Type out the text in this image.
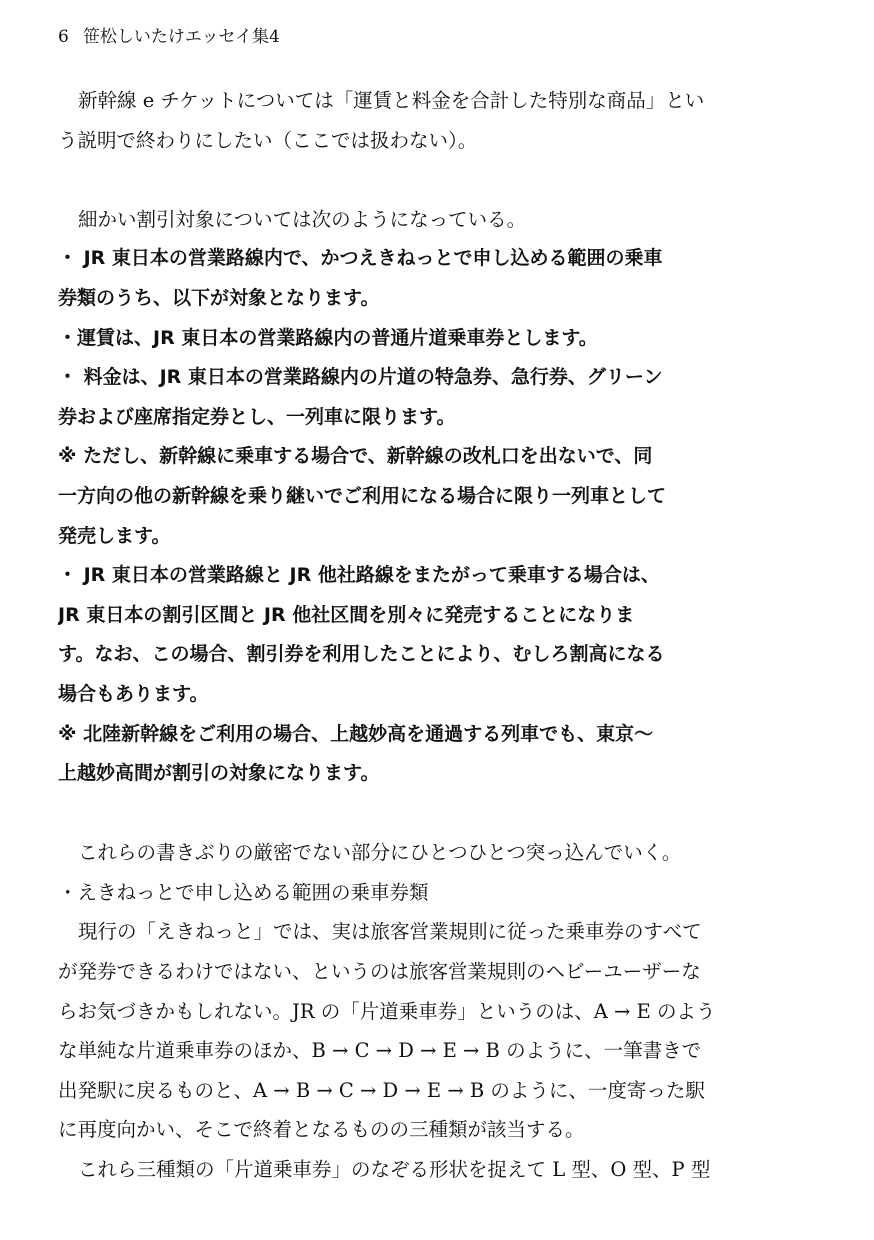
6 笹松しいたけエッセイ集4
新幹線 e チケットについては「運賃と料金を合計した特別な商品」とい
う説明で終わりにしたい（ここでは扱わない）。
細かい割引対象については次のようになっている。
・ JR 東日本の営業路線内で、かつえきねっとで申し込める範囲の乗車
券類のうち、以下が対象となります。
・運賃は、JR 東日本の営業路線内の普通片道乗車券とします。
・ 料金は、JR 東日本の営業路線内の片道の特急券、急行券、グリーン
券および座席指定券とし、一列車に限ります。
※ ただし、新幹線に乗車する場合で、新幹線の改札口を出ないで、同
一方向の他の新幹線を乗り継いでご利用になる場合に限り一列車として
発売します。
・ JR 東日本の営業路線と JR 他社路線をまたがって乗車する場合は、
JR 東日本の割引区間と JR 他社区間を別々に発売することになりま
す。なお、この場合、割引券を利用したことにより、むしろ割高になる
場合もあります。
※ 北陸新幹線をご利用の場合、上越妙高を通過する列車でも、東京～
上越妙高間が割引の対象になります。
これらの書きぶりの厳密でない部分にひとつひとつ突っ込んでいく。
・えきねっとで申し込める範囲の乗車券類
現行の「えきねっと」では、実は旅客営業規則に従った乗車券のすべて
が発券できるわけではない、というのは旅客営業規則のヘビーユーザーな
らお気づきかもしれない。JR の「片道乗車券」というのは、A → E のよう
な単純な片道乗車券のほか、B → C → D → E → B のように、一筆書きで
出発駅に戻るものと、A → B → C → D → E → B のように、一度寄った駅
に再度向かい、そこで終着となるものの三種類が該当する。
これら三種類の「片道乗車券」のなぞる形状を捉えて L 型、O 型、P 型
